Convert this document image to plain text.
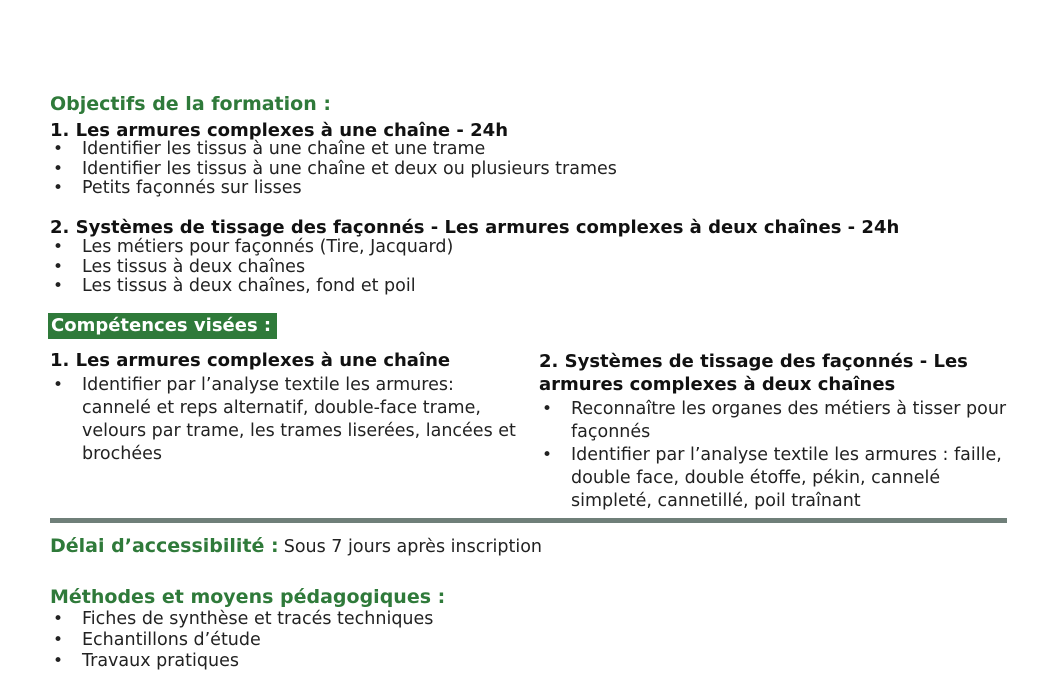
Objectifs de la formation :
1. Les armures complexes à une chaîne - 24h
• Identifier les tissus à une chaîne et une trame
• Identifier les tissus à une chaîne et deux ou plusieurs trames
• Petits façonnés sur lisses
2. Systèmes de tissage des façonnés - Les armures complexes à deux chaînes - 24h
• Les métiers pour façonnés (Tire, Jacquard)
• Les tissus à deux chaînes
• Les tissus à deux chaînes, fond et poil
Compétences visées :
1. Les armures complexes à une chaîne
• Identifier par l’analyse textile les armures: cannelé et reps alternatif, double-face trame, velours par trame, les trames liserées, lancées et brochées
2. Systèmes de tissage des façonnés - Les armures complexes à deux chaînes
• Reconnaître les organes des métiers à tisser pour façonnés
• Identifier par l’analyse textile les armures : faille, double face, double étoffe, pékin, cannelé simpleté, cannetillé, poil traînant
Délai d’accessibilité : Sous 7 jours après inscription
Méthodes et moyens pédagogiques :
• Fiches de synthèse et tracés techniques
• Echantillons d’étude
• Travaux pratiques
